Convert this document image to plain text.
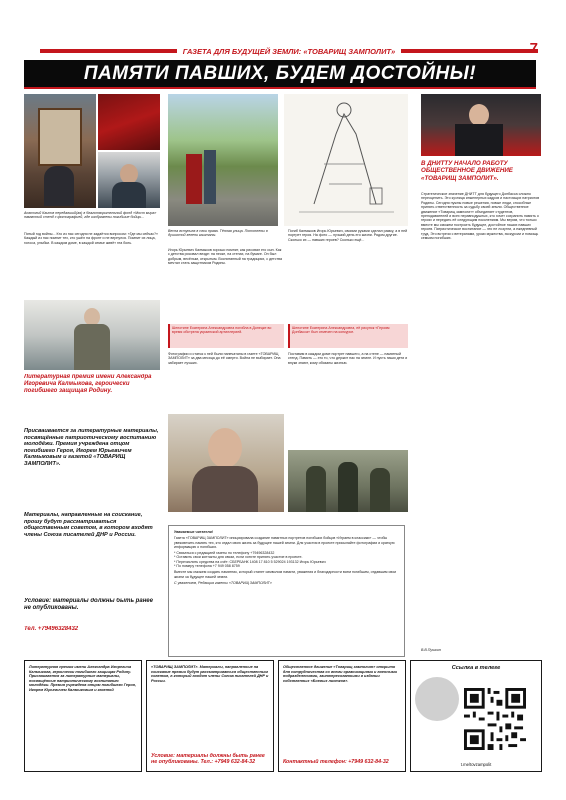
ГАЗЕТА ДЛЯ БУДУЩЕЙ ЗЕМЛИ: «ТОВАРИЩ ЗАМПОЛИТ»	7
ПАМЯТИ ПАВШИХ, БУДЕМ ДОСТОЙНЫ!
Анатолий Каинов передавший(ая) в благотворительный фонд «Мост мира» памятный стенд с фотографией, где изображены погибшие бойцы...
Пятый год войны... Кто из нас сегодня не задаётся вопросом: «Где мы сейчас?» Каждый из нас помнит тех, кто ушёл на фронт и не вернулся. Помнит их лица, голоса, улыбки. В каждом доме, в каждой семье живёт эта боль.
Литературная премия имени Александра Игоревича Калмыкова, героически погибшего защищая Родину.
Присваивается за литературные материалы, посвящённые патриотическому воспитанию молодёжи. Премия учреждена отцом погибшего Героя, Игорем Юрьевичем Калмыковым и газетой «ТОВАРИЩ ЗАМПОЛИТ».
Материалы, направленные на соискание, прошу будут рассматриваться общественным советом, в котором входят члены Союза писателей ДНР и России.
Условие: материалы должны быть ранее не опубликованы.
Тел. +79496328432
Весна вступила в свои права. Тёплая улица. Потоплены в душистой зелени каштаны.
Игорь Юрьевич Калмыков хорошо помнит, как рисовал его сын. Как с детства рисовал везде: на песке, на стенах, на бумаге. Он был добрым, весёлым, открытым. Воспитанный на традициях, с детства мечтал стать защитником Родины.
Погиб Калмыков Игорь Юрьевич, своими руками сделал рамку, а в ней портрет героя. На фото — лучший день его жизни. Рядом другие. Сколько их — павших героев? Сколько ещё...
Шепотине Екатерина Александровна погибла в Донецке во время обстрела украинской артиллерией.
Фотографии и статья к ней были напечатаны в газете «ТОВАРИЩ ЗАМПОЛИТ» за два месяца до её смерти. Война не выбирает. Она забирает лучших.
Шепотине Екатерина Александровна, её рисунок «Героям Донбасса» был отмечен на конкурсе.
Поставим в каждом доме портрет павшего, а на стене — памятный стенд. Память — это то, что держит нас на земле. И пусть наши дети и внуки знают, кому обязаны жизнью.
Уважаемые читатели!
Газета «ТОВАРИЩ ЗАМПОЛИТ» инициировала создание памятных портретов погибших бойцов «Играем в классики» — чтобы увековечить память тех, кто отдал свою жизнь за будущее нашей земли. Для участия в проекте присылайте фотографии и краткую информацию о погибших.
* Связаться с редакцией газеты по телефону +79496328432
* Оставить свои контакты для связи, если хотите принять участие в проекте.
* Перечислить средства на счёт: СБЕРБАНК 1408 17 810 5 529024 193132 Игорь Юрьевич
* По номеру телефона +7 949 058 8759
Вместе мы сможем создать памятник, который станет символом памяти, уважения и благодарности всем погибшим, отдавшим свои жизни за будущее нашей земли.
С уважением, Редакция газеты «ТОВАРИЩ ЗАМПОЛИТ»
В ДНИТТУ НАЧАЛО РАБОТУ ОБЩЕСТВЕННОЕ ДВИЖЕНИЕ «ТОВАРИЩ ЗАМПОЛИТ».
Стратегическое значение ДНИТТ для будущего Донбасса сложно переоценить. Это кузница инженерных кадров и настоящих патриотов Родины. Сегодня нужны новые решения, новые люди, способные принять ответственность за судьбу своей земли. Общественное движение «Товарищ замполит» объединяет студентов, преподавателей и всех неравнодушных, кто хочет сохранить память о героях и передать её следующим поколениям. Мы верим, что только вместе мы сможем построить будущее, достойное наших павших героев. Патриотическое воспитание — это не лозунги, а ежедневный труд. Это встречи с ветеранами, уроки мужества, экскурсии и помощь семьям погибших.
В.В.Пушкин
Литературная премия имени Александра Игоревича Калмыкова, героически погибшего защищая Родину. Присваивается за литературные материалы, посвящённые патриотическому воспитанию молодёжи. Премия учреждена отцом погибшего Героя, Игорем Юрьевичем Калмыковым и газетой
«ТОВАРИЩ ЗАМПОЛИТ». Материалы, направленные на соискание премии будут рассматриваться общественным советом, в который входят члены Союза писателей ДНР и России.
Условие: материалы должны быть ранее не опубликованы. Тел.: +7949 632-84-32
Общественное движение «Товарищ замполит» открыто для сотрудничества со всеми организациями и военными подразделениями, заинтересованными в издании собственных «Боевых листков».
Контактный телефон: +7949 632-84-32
Ссылка в телеге
t.me/tovzampolit
